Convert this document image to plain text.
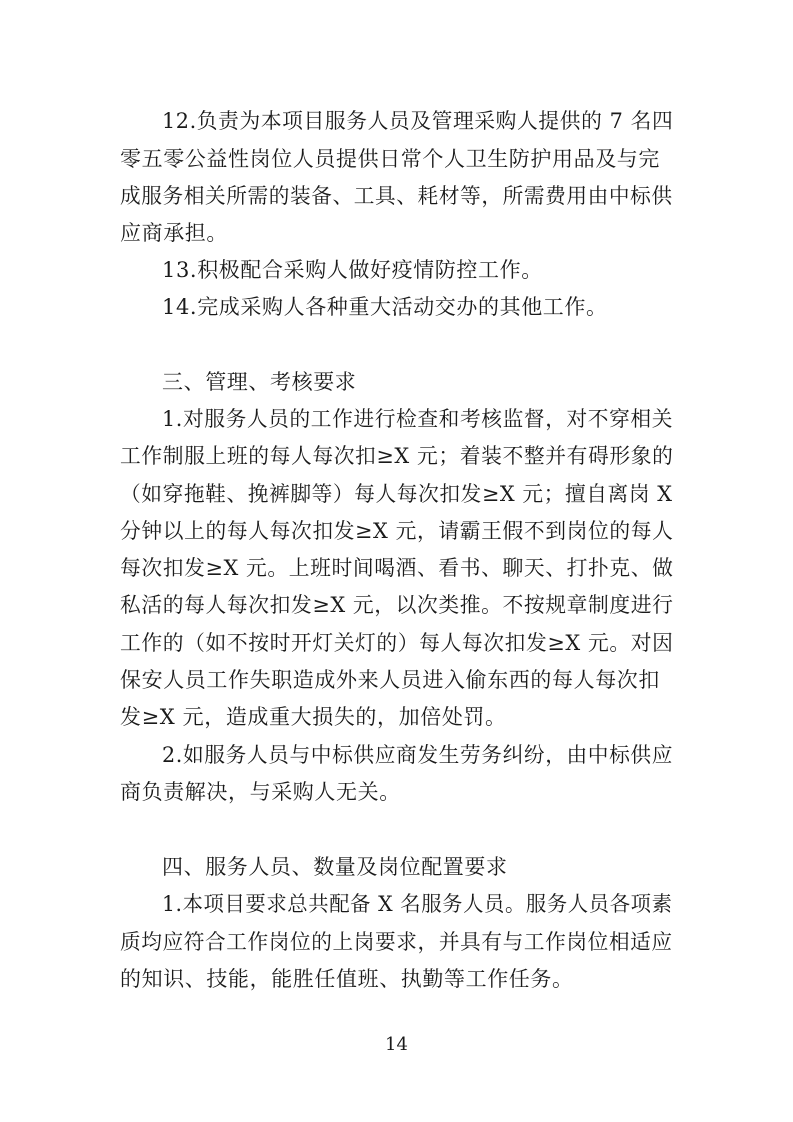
12.负责为本项目服务人员及管理采购人提供的 7 名四
零五零公益性岗位人员提供日常个人卫生防护用品及与完
成服务相关所需的装备、工具、耗材等，所需费用由中标供
应商承担。
13.积极配合采购人做好疫情防控工作。
14.完成采购人各种重大活动交办的其他工作。
三、管理、考核要求
1.对服务人员的工作进行检查和考核监督，对不穿相关
工作制服上班的每人每次扣≥X 元；着装不整并有碍形象的
（如穿拖鞋、挽裤脚等）每人每次扣发≥X 元；擅自离岗 X
分钟以上的每人每次扣发≥X 元，请霸王假不到岗位的每人
每次扣发≥X 元。上班时间喝酒、看书、聊天、打扑克、做
私活的每人每次扣发≥X 元，以次类推。不按规章制度进行
工作的（如不按时开灯关灯的）每人每次扣发≥X 元。对因
保安人员工作失职造成外来人员进入偷东西的每人每次扣
发≥X 元，造成重大损失的，加倍处罚。
2.如服务人员与中标供应商发生劳务纠纷，由中标供应
商负责解决，与采购人无关。
四、服务人员、数量及岗位配置要求
1.本项目要求总共配备 X 名服务人员。服务人员各项素
质均应符合工作岗位的上岗要求，并具有与工作岗位相适应
的知识、技能，能胜任值班、执勤等工作任务。
14
